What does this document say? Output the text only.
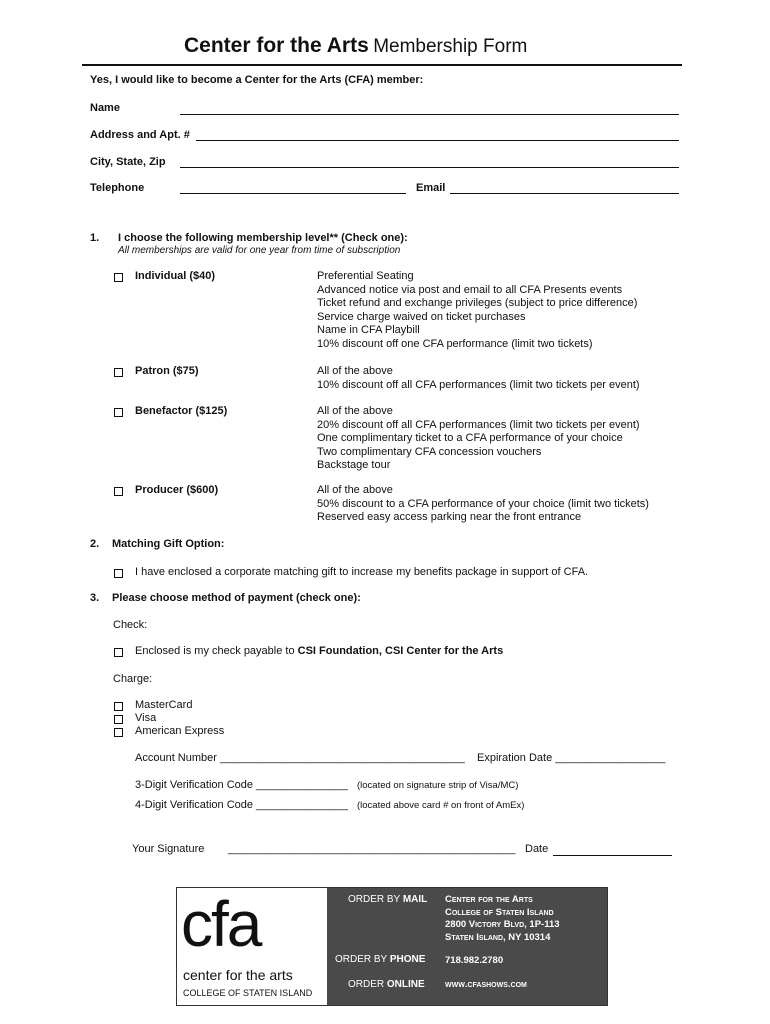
Center for the Arts Membership Form
Yes, I would like to become a Center for the Arts (CFA) member:
Name
Address and Apt. #
City, State, Zip
Telephone	Email
1. I choose the following membership level** (Check one):
All memberships are valid for one year from time of subscription
Individual ($40)	Preferential Seating
Advanced notice via post and email to all CFA Presents events
Ticket refund and exchange privileges (subject to price difference)
Service charge waived on ticket purchases
Name in CFA Playbill
10% discount off one CFA performance (limit two tickets)
Patron ($75)	All of the above
10% discount off all CFA performances (limit two tickets per event)
Benefactor ($125)	All of the above
20% discount off all CFA performances (limit two tickets per event)
One complimentary ticket to a CFA performance of your choice
Two complimentary CFA concession vouchers
Backstage tour
Producer ($600)	All of the above
50% discount to a CFA performance of your choice (limit two tickets)
Reserved easy access parking near the front entrance
2. Matching Gift Option:
I have enclosed a corporate matching gift to increase my benefits package in support of CFA.
3. Please choose method of payment (check one):
Check:
Enclosed is my check payable to CSI Foundation, CSI Center for the Arts
Charge:
MasterCard
Visa
American Express
Account Number ________________________________________ Expiration Date __________________
3-Digit Verification Code _______________ (located on signature strip of Visa/MC)
4-Digit Verification Code _______________ (located above card # on front of AmEx)
Your Signature _______________________________________________ Date
cfa
center for the arts
COLLEGE OF STATEN ISLAND
ORDER BY MAIL Center for the Arts
College of Staten Island
2800 Victory Blvd, 1P-113
Staten Island, NY 10314
ORDER BY PHONE 718.982.2780
ORDER ONLINE www.cfashows.com
